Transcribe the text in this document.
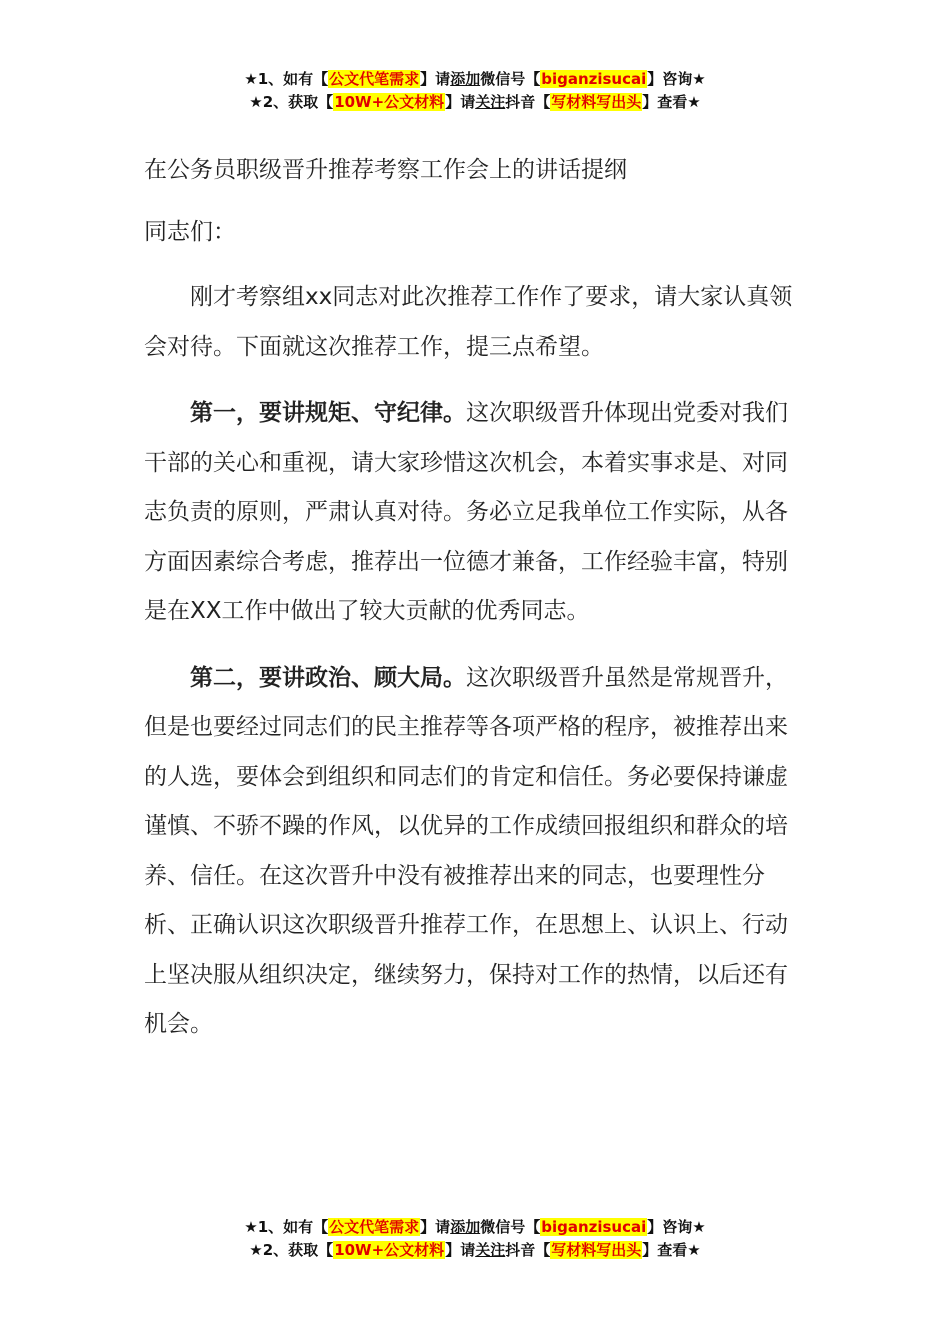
★1、如有【公文代笔需求】请添加微信号【biganzisucai】咨询★
★2、获取【10W+公文材料】请关注抖音【写材料写出头】查看★

在公务员职级晋升推荐考察工作会上的讲话提纲

同志们：

刚才考察组xx同志对此次推荐工作作了要求，请大家认真领会对待。下面就这次推荐工作，提三点希望。

第一，要讲规矩、守纪律。这次职级晋升体现出党委对我们干部的关心和重视，请大家珍惜这次机会，本着实事求是、对同志负责的原则，严肃认真对待。务必立足我单位工作实际，从各方面因素综合考虑，推荐出一位德才兼备，工作经验丰富，特别是在XX工作中做出了较大贡献的优秀同志。

第二，要讲政治、顾大局。这次职级晋升虽然是常规晋升，但是也要经过同志们的民主推荐等各项严格的程序，被推荐出来的人选，要体会到组织和同志们的肯定和信任。务必要保持谦虚谨慎、不骄不躁的作风，以优异的工作成绩回报组织和群众的培养、信任。在这次晋升中没有被推荐出来的同志，也要理性分析、正确认识这次职级晋升推荐工作，在思想上、认识上、行动上坚决服从组织决定，继续努力，保持对工作的热情，以后还有机会。

★1、如有【公文代笔需求】请添加微信号【biganzisucai】咨询★
★2、获取【10W+公文材料】请关注抖音【写材料写出头】查看★
